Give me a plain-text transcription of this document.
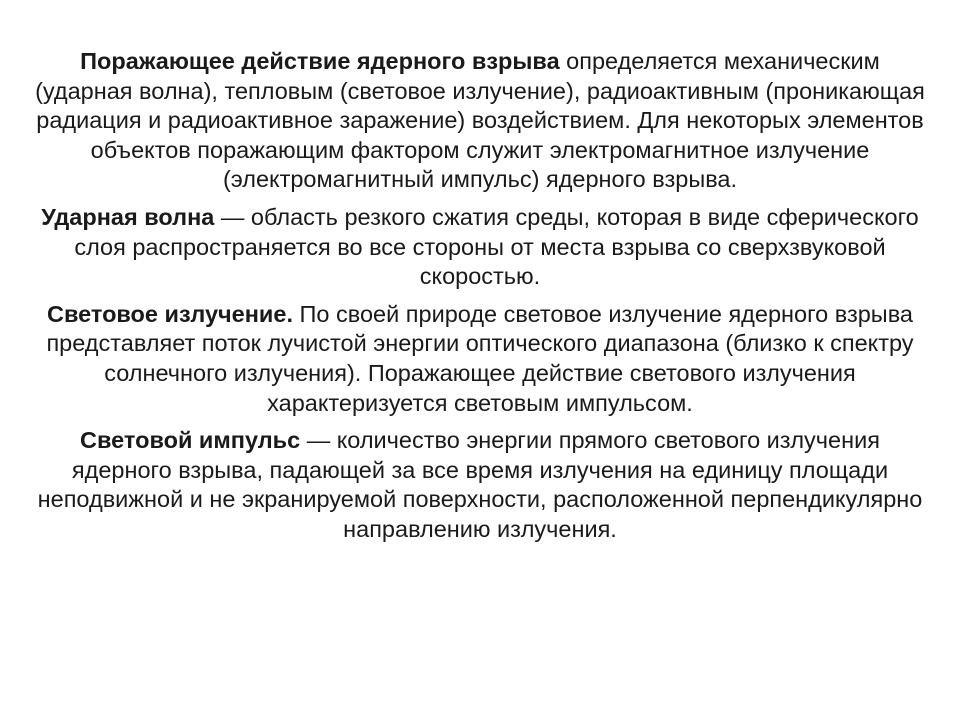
Поражающее действие ядерного взрыва определяется механическим (ударная волна), тепловым (световое излучение), радиоактивным (проникающая радиация и радиоактивное заражение) воздействием. Для некоторых элементов объектов поражающим фактором служит электромагнитное излучение (электромагнитный импульс) ядерного взрыва.

Ударная волна — область резкого сжатия среды, которая в виде сферического слоя распространяется во все стороны от места взрыва со сверхзвуковой скоростью.

Световое излучение. По своей природе световое излучение ядерного взрыва представляет поток лучистой энергии оптического диапазона (близко к спектру солнечного излучения). Поражающее действие светового излучения характеризуется световым импульсом.

Световой импульс — количество энергии прямого светового излучения ядерного взрыва, падающей за все время излучения на единицу площади неподвижной и не экранируемой поверхности, расположенной перпендикулярно направлению излучения.
